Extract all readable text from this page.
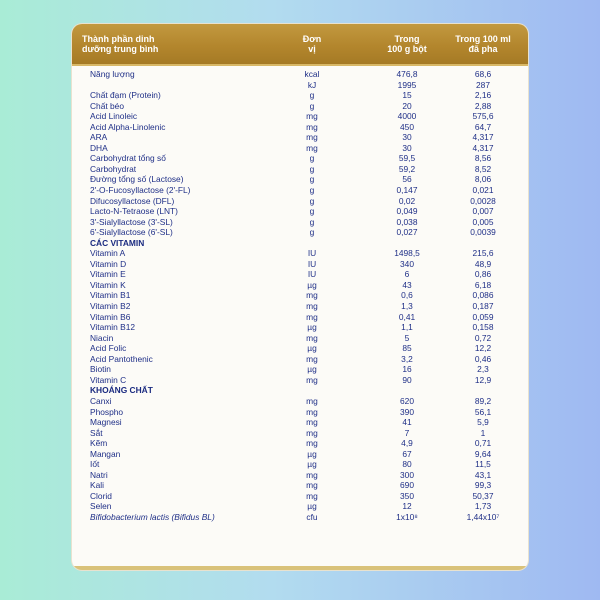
Thành phần dinh
dưỡng trung bình
Đơn
vị
Trong
100 g bột
Trong 100 ml
đã pha
Năng lượng	kcal	476,8	68,6
kJ	1995	287
Chất đạm (Protein)	g	15	2,16
Chất béo	g	20	2,88
Acid Linoleic	mg	4000	575,6
Acid Alpha-Linolenic	mg	450	64,7
ARA	mg	30	4,317
DHA	mg	30	4,317
Carbohydrat tổng số	g	59,5	8,56
Carbohydrat	g	59,2	8,52
Đường tổng số (Lactose)	g	56	8,06
2'-O-Fucosyllactose (2'-FL)	g	0,147	0,021
Difucosyllactose (DFL)	g	0,02	0,0028
Lacto-N-Tetraose (LNT)	g	0,049	0,007
3'-Sialyllactose (3'-SL)	g	0,038	0,005
6'-Sialyllactose (6'-SL)	g	0,027	0,0039
CÁC VITAMIN
Vitamin A	IU	1498,5	215,6
Vitamin D	IU	340	48,9
Vitamin E	IU	6	0,86
Vitamin K	µg	43	6,18
Vitamin B1	mg	0,6	0,086
Vitamin B2	mg	1,3	0,187
Vitamin B6	mg	0,41	0,059
Vitamin B12	µg	1,1	0,158
Niacin	mg	5	0,72
Acid Folic	µg	85	12,2
Acid Pantothenic	mg	3,2	0,46
Biotin	µg	16	2,3
Vitamin C	mg	90	12,9
KHOÁNG CHẤT
Canxi	mg	620	89,2
Phospho	mg	390	56,1
Magnesi	mg	41	5,9
Sắt	mg	7	1
Kẽm	mg	4,9	0,71
Mangan	µg	67	9,64
Iốt	µg	80	11,5
Natri	mg	300	43,1
Kali	mg	690	99,3
Clorid	mg	350	50,37
Selen	µg	12	1,73
Bifidobacterium lactis (Bifidus BL)	cfu	1x10⁸	1,44x10⁷
